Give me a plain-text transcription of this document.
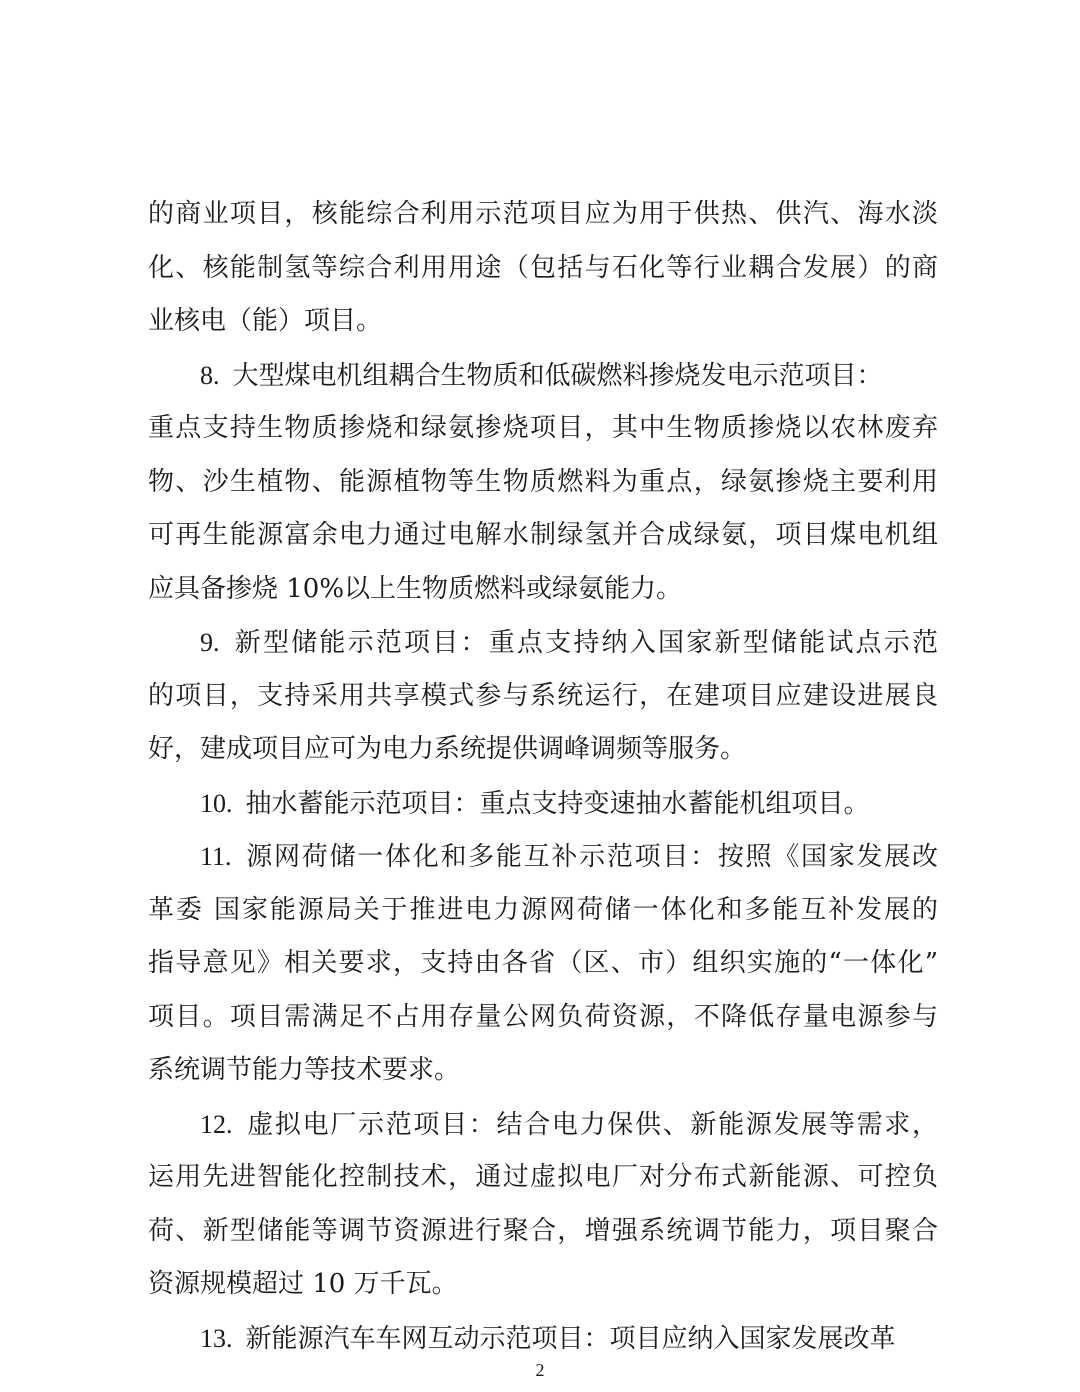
的商业项目，核能综合利用示范项目应为用于供热、供汽、海水淡
化、核能制氢等综合利用用途（包括与石化等行业耦合发展）的商
业核电（能）项目。
8.  大型煤电机组耦合生物质和低碳燃料掺烧发电示范项目：
重点支持生物质掺烧和绿氨掺烧项目，其中生物质掺烧以农林废弃
物、沙生植物、能源植物等生物质燃料为重点，绿氨掺烧主要利用
可再生能源富余电力通过电解水制绿氢并合成绿氨，项目煤电机组
应具备掺烧 10%以上生物质燃料或绿氨能力。
9.  新型储能示范项目：重点支持纳入国家新型储能试点示范
的项目，支持采用共享模式参与系统运行，在建项目应建设进展良
好，建成项目应可为电力系统提供调峰调频等服务。
10.  抽水蓄能示范项目：重点支持变速抽水蓄能机组项目。
11.  源网荷储一体化和多能互补示范项目：按照《国家发展改
革委 国家能源局关于推进电力源网荷储一体化和多能互补发展的
指导意见》相关要求，支持由各省（区、市）组织实施的“一体化”
项目。项目需满足不占用存量公网负荷资源，不降低存量电源参与
系统调节能力等技术要求。
12.  虚拟电厂示范项目：结合电力保供、新能源发展等需求，
运用先进智能化控制技术，通过虚拟电厂对分布式新能源、可控负
荷、新型储能等调节资源进行聚合，增强系统调节能力，项目聚合
资源规模超过 10 万千瓦。
13.  新能源汽车车网互动示范项目：项目应纳入国家发展改革
2
